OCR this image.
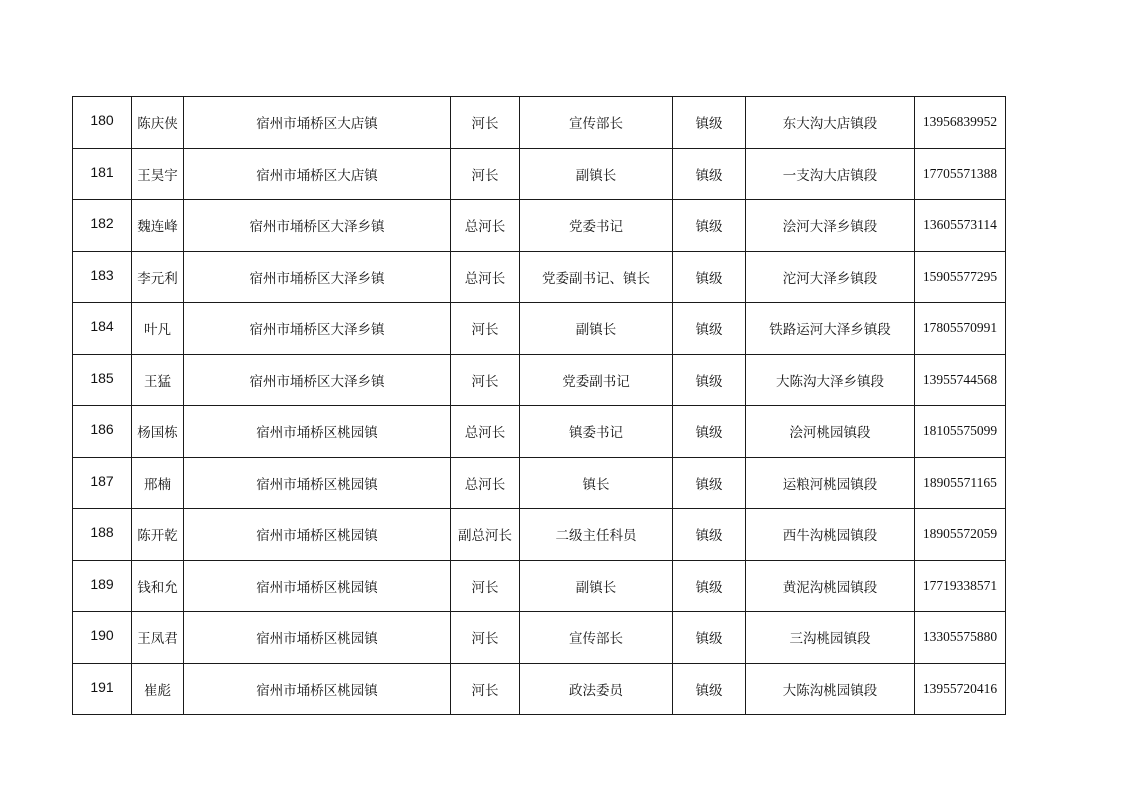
180	陈庆侠	宿州市埇桥区大店镇	河长	宣传部长	镇级	东大沟大店镇段	13956839952
181	王昊宇	宿州市埇桥区大店镇	河长	副镇长	镇级	一支沟大店镇段	17705571388
182	魏连峰	宿州市埇桥区大泽乡镇	总河长	党委书记	镇级	浍河大泽乡镇段	13605573114
183	李元利	宿州市埇桥区大泽乡镇	总河长	党委副书记、镇长	镇级	沱河大泽乡镇段	15905577295
184	叶凡	宿州市埇桥区大泽乡镇	河长	副镇长	镇级	铁路运河大泽乡镇段	17805570991
185	王猛	宿州市埇桥区大泽乡镇	河长	党委副书记	镇级	大陈沟大泽乡镇段	13955744568
186	杨国栋	宿州市埇桥区桃园镇	总河长	镇委书记	镇级	浍河桃园镇段	18105575099
187	邢楠	宿州市埇桥区桃园镇	总河长	镇长	镇级	运粮河桃园镇段	18905571165
188	陈开乾	宿州市埇桥区桃园镇	副总河长	二级主任科员	镇级	西牛沟桃园镇段	18905572059
189	钱和允	宿州市埇桥区桃园镇	河长	副镇长	镇级	黄泥沟桃园镇段	17719338571
190	王凤君	宿州市埇桥区桃园镇	河长	宣传部长	镇级	三沟桃园镇段	13305575880
191	崔彪	宿州市埇桥区桃园镇	河长	政法委员	镇级	大陈沟桃园镇段	13955720416
